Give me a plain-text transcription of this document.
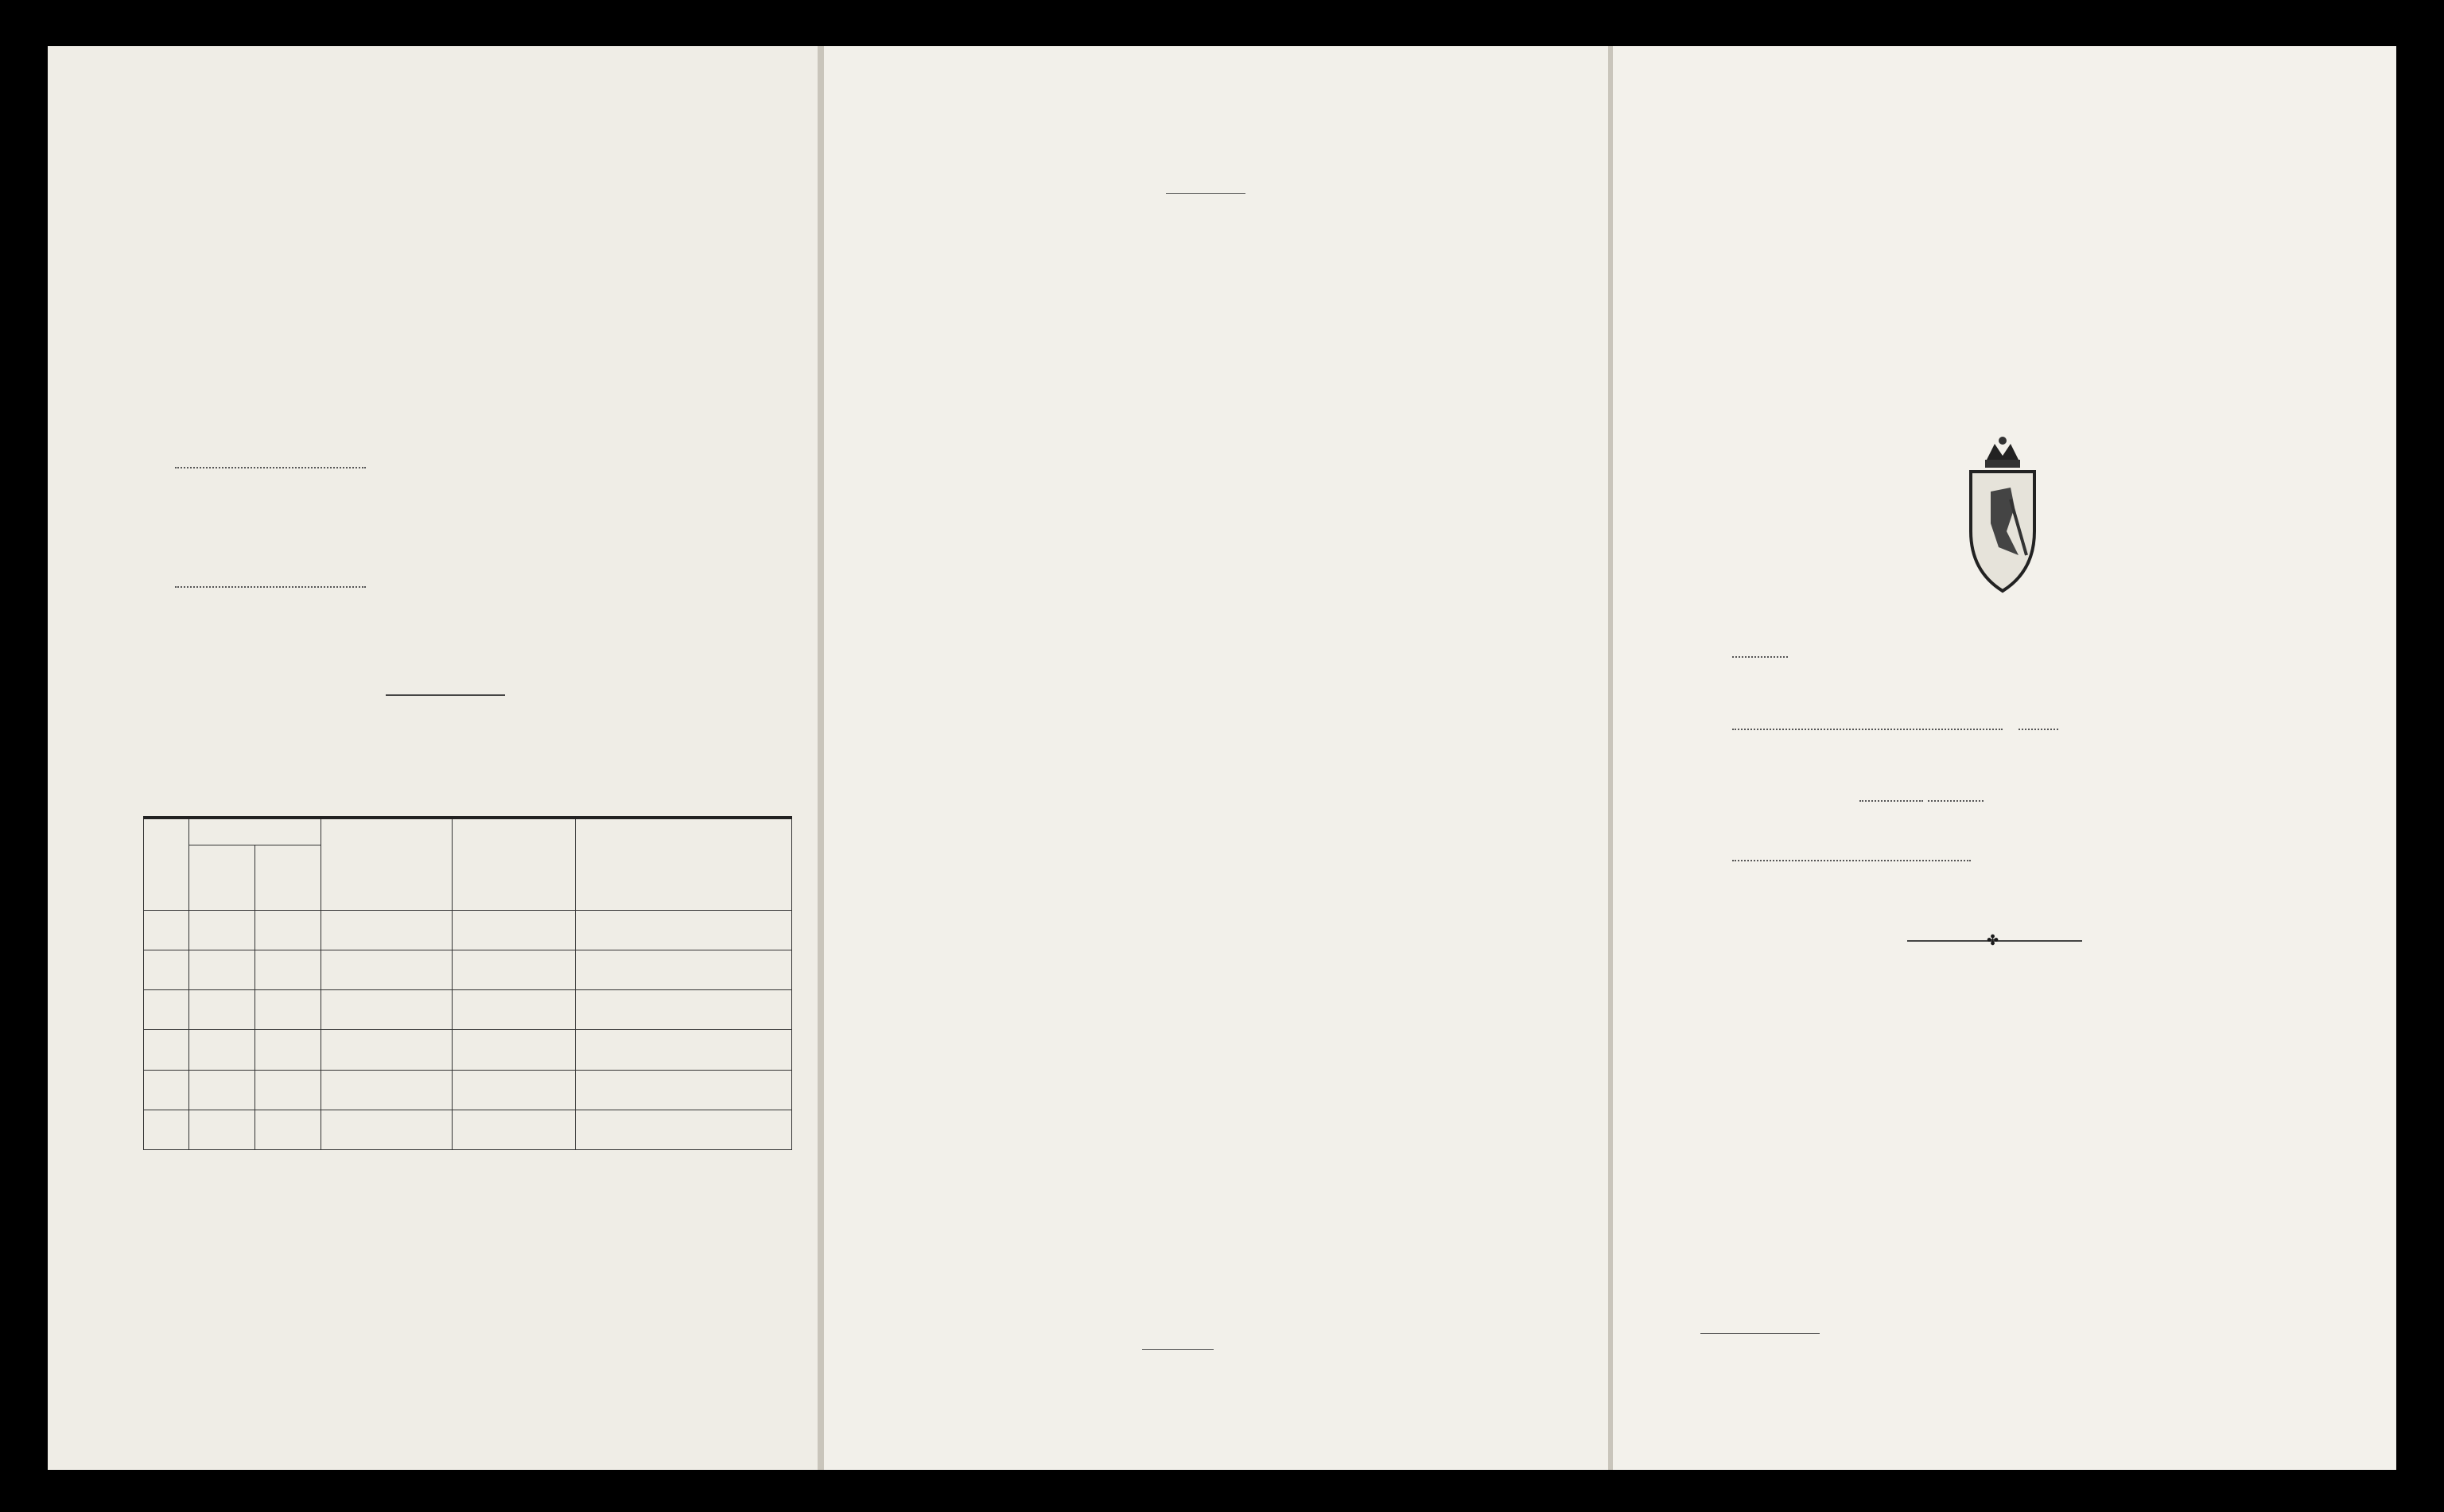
✤
